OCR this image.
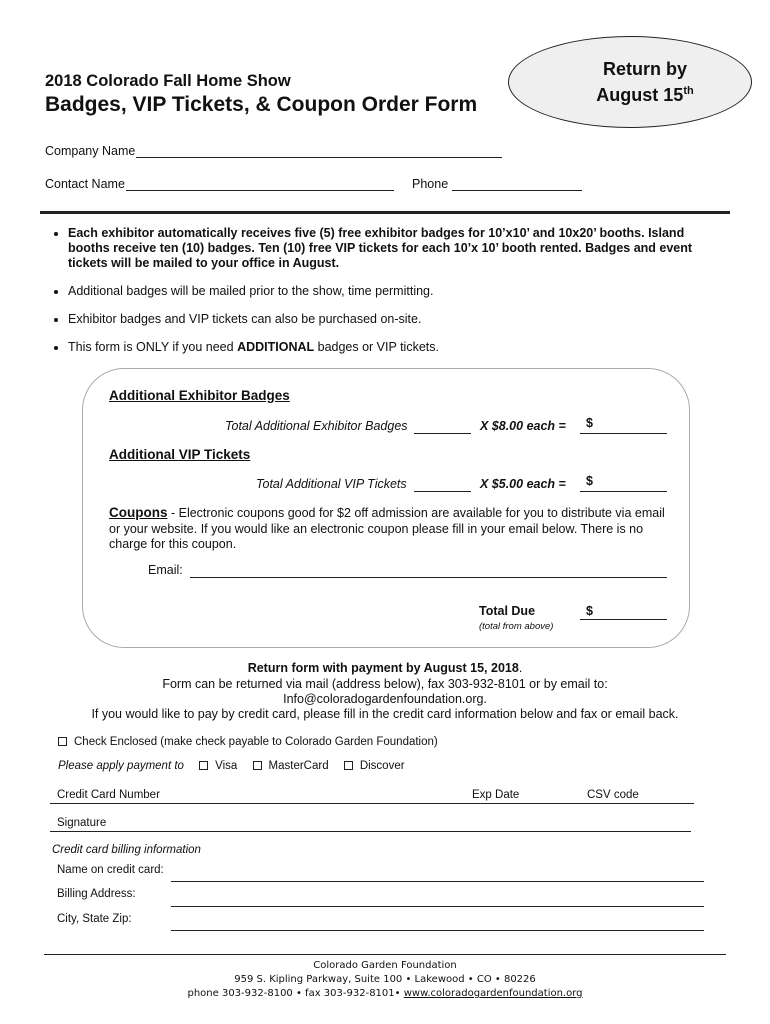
2018 Colorado Fall Home Show
Badges, VIP Tickets, & Coupon Order Form
Return by
August 15th
Company Name
Contact Name	Phone
• Each exhibitor automatically receives five (5) free exhibitor badges for 10’x10’ and 10x20’ booths. Island booths receive ten (10) badges. Ten (10) free VIP tickets for each 10’x 10’ booth rented. Badges and event tickets will be mailed to your office in August.
• Additional badges will be mailed prior to the show, time permitting.
• Exhibitor badges and VIP tickets can also be purchased on-site.
• This form is ONLY if you need ADDITIONAL badges or VIP tickets.
Additional Exhibitor Badges
Total Additional Exhibitor Badges	X $8.00 each = $
Additional VIP Tickets
Total Additional VIP Tickets	X $5.00 each = $
Coupons - Electronic coupons good for $2 off admission are available for you to distribute via email or your website. If you would like an electronic coupon please fill in your email below. There is no charge for this coupon.
Email:
Total Due	$
(total from above)
Return form with payment by August 15, 2018.
Form can be returned via mail (address below), fax 303-932-8101 or by email to:
Info@coloradogardenfoundation.org.
If you would like to pay by credit card, please fill in the credit card information below and fax or email back.
Check Enclosed (make check payable to Colorado Garden Foundation)
Please apply payment to	Visa	MasterCard	Discover
Credit Card Number	Exp Date	CSV code
Signature
Credit card billing information
Name on credit card:
Billing Address:
City, State Zip:
Colorado Garden Foundation
959 S. Kipling Parkway, Suite 100 • Lakewood • CO • 80226
phone 303-932-8100 • fax 303-932-8101• www.coloradogardenfoundation.org
